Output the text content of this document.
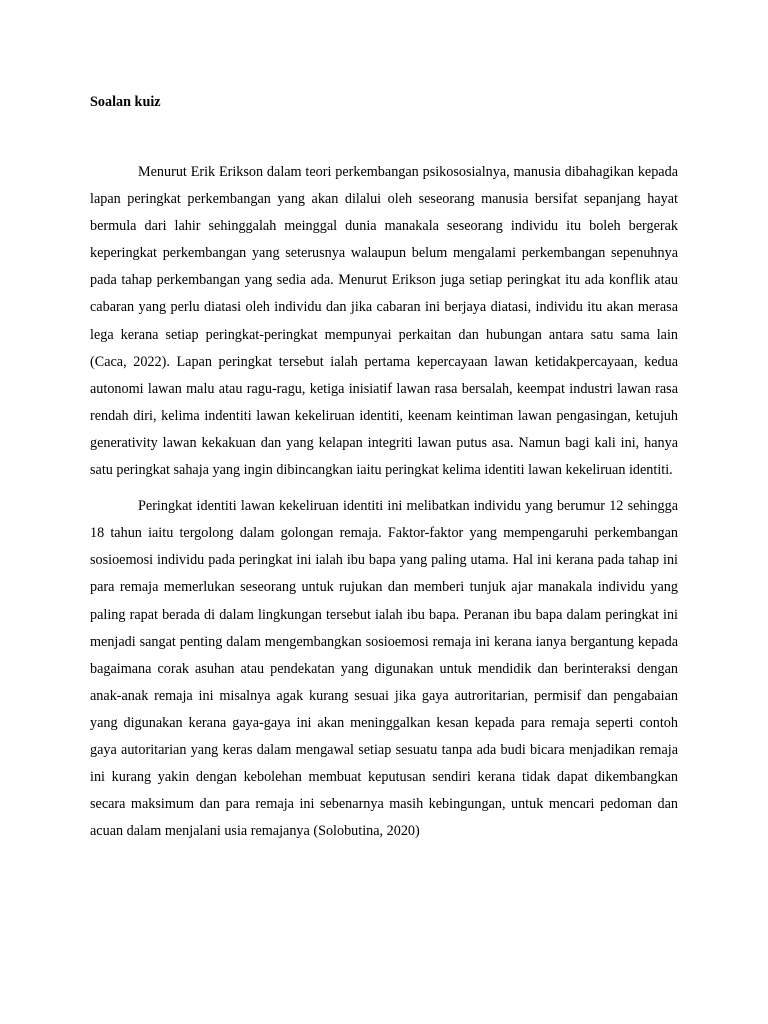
Soalan kuiz

Menurut Erik Erikson dalam teori perkembangan psikososialnya, manusia dibahagikan kepada lapan peringkat perkembangan yang akan dilalui oleh seseorang manusia bersifat sepanjang hayat bermula dari lahir sehinggalah meinggal dunia manakala seseorang individu itu boleh bergerak keperingkat perkembangan yang seterusnya walaupun belum mengalami perkembangan sepenuhnya pada tahap perkembangan yang sedia ada. Menurut Erikson juga setiap peringkat itu ada konflik atau cabaran yang perlu diatasi oleh individu dan jika cabaran ini berjaya diatasi, individu itu akan merasa lega kerana setiap peringkat-peringkat mempunyai perkaitan dan hubungan antara satu sama lain (Caca, 2022). Lapan peringkat tersebut ialah pertama kepercayaan lawan ketidakpercayaan, kedua autonomi lawan malu atau ragu-ragu, ketiga inisiatif lawan rasa bersalah, keempat industri lawan rasa rendah diri, kelima indentiti lawan kekeliruan identiti, keenam keintiman lawan pengasingan, ketujuh generativity lawan kekakuan dan yang kelapan integriti lawan putus asa. Namun bagi kali ini, hanya satu peringkat sahaja yang ingin dibincangkan iaitu peringkat kelima identiti lawan kekeliruan identiti.

Peringkat identiti lawan kekeliruan identiti ini melibatkan individu yang berumur 12 sehingga 18 tahun iaitu tergolong dalam golongan remaja. Faktor-faktor yang mempengaruhi perkembangan sosioemosi individu pada peringkat ini ialah ibu bapa yang paling utama. Hal ini kerana pada tahap ini para remaja memerlukan seseorang untuk rujukan dan memberi tunjuk ajar manakala individu yang paling rapat berada di dalam lingkungan tersebut ialah ibu bapa. Peranan ibu bapa dalam peringkat ini menjadi sangat penting dalam mengembangkan sosioemosi remaja ini kerana ianya bergantung kepada bagaimana corak asuhan atau pendekatan yang digunakan untuk mendidik dan berinteraksi dengan anak-anak remaja ini misalnya agak kurang sesuai jika gaya autroritarian, permisif dan pengabaian yang digunakan kerana gaya-gaya ini akan meninggalkan kesan kepada para remaja seperti contoh gaya autoritarian yang keras dalam mengawal setiap sesuatu tanpa ada budi bicara menjadikan remaja ini kurang yakin dengan kebolehan membuat keputusan sendiri kerana tidak dapat dikembangkan secara maksimum dan para remaja ini sebenarnya masih kebingungan, untuk mencari pedoman dan acuan dalam menjalani usia remajanya (Solobutina, 2020)
